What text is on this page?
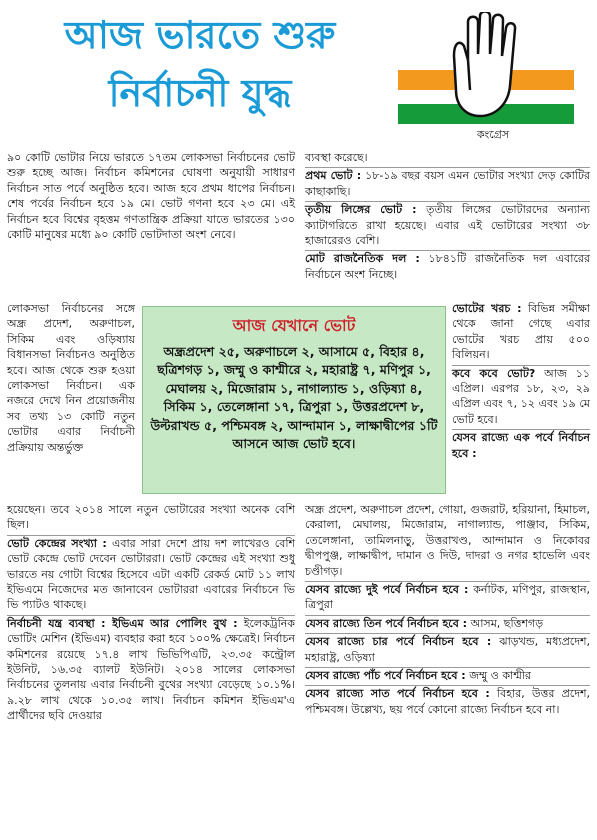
আজ ভারতে শুরু
নির্বাচনী যুদ্ধ
কংগ্রেস

৯০ কোটি ভোটার নিয়ে ভারতে ১৭তম লোকসভা নির্বাচনের ভোট শুরু হচ্ছে আজ। নির্বাচন কমিশনের ঘোষণা অনুযায়ী সাধারণ নির্বাচন সাত পর্বে অনুষ্ঠিত হবে। আজ হবে প্রথম ধাপের নির্বাচন। শেষ পর্বের নির্বাচন হবে ১৯ মে। ভোট গণনা হবে ২৩ মে। এই নির্বাচন হবে বিশ্বের বৃহত্তম গণতান্ত্রিক প্রক্রিয়া যাতে ভারতের ১৩০ কোটি মানুষের মধ্যে ৯০ কোটি ভোটদাতা অংশ নেবে।

লোকসভা নির্বাচনের সঙ্গে অন্ধ্র প্রদেশ, অরুণাচল, সিকিম এবং ওড়িষ্যায় বিধানসভা নির্বাচনও অনুষ্ঠিত হবে। আজ থেকে শুরু হওয়া লোকসভা নির্বাচন। এক নজরে দেখে নিন প্রয়োজনীয় সব তথ্য ১৩ কোটি নতুন ভোটার এবার নির্বাচনী প্রক্রিয়ায় অন্তর্ভুক্ত

হয়েছেন। তবে ২০১৪ সালে নতুন ভোটারের সংখ্যা অনেক বেশি ছিল।

ভোট কেন্দ্রের সংখ্যা : এবার সারা দেশে প্রায় দশ লাখেরও বেশি ভোট কেন্দ্রে ভোট দেবেন ভোটাররা। ভোট কেন্দ্রের এই সংখ্যা শুধু ভারতে নয় গোটা বিশ্বের হিসেবে এটা একটি রেকর্ড মোট ১১ লাখ ইভিএমে নিজেদের মত জানাবেন ভোটাররা এবারের নির্বাচনে ভি ভি প্যাটও থাকছে।

নির্বাচনী যন্ত্র ব্যবস্থা : ইভিএম আর পোলিং বুথ : ইলেকট্রনিক ভোটিং মেশিন (ইভিএম) ব্যবহার করা হবে ১০০% ক্ষেত্রেই। নির্বাচন কমিশনের রয়েছে ১৭.৪ লাখ ভিভিপিএটি, ২৩.৩৫ কন্ট্রোল ইউনিট, ১৬.৩৫ ব্যালট ইউনিট। ২০১৪ সালের লোকসভা নির্বাচনের তুলনায় এবার নির্বাচনী বুথের সংখ্যা বেড়েছে ১০.১%। ৯.২৮ লাখ থেকে ১০.৩৫ লাখ। নির্বাচন কমিশন ইভিএম'এ প্রার্থীদের ছবি দেওয়ার

ব্যবস্থা করেছে।

প্রথম ভোট : ১৮-১৯ বছর বয়স এমন ভোটার সংখ্যা দেড় কোটির কাছাকাছি।

তৃতীয় লিঙ্গের ভোট : তৃতীয় লিঙ্গের ভোটারদের অন্যান্য ক্যাটাগরিতে রাখা হয়েছে। এবার এই ভোটারের সংখ্যা ৩৮ হাজারেরও বেশি।

মোট রাজনৈতিক দল : ১৮৪১টি রাজনৈতিক দল এবারের নির্বাচনে অংশ নিচ্ছে।

আজ যেখানে ভোট
অন্ধ্রপ্রদেশ ২৫, অরুণাচলে ২, আসামে ৫, বিহার ৪, ছত্রিশগড় ১, জম্মু ও কাশ্মীরে ২, মহারাষ্ট্র ৭, মণিপুর ১, মেঘালয় ২, মিজোরাম ১, নাগাল্যান্ড ১, ওড়িষ্যা ৪, সিকিম ১, তেলেঙ্গানা ১৭, ত্রিপুরা ১, উত্তরপ্রদেশ ৮, উল্টরাখন্ড ৫, পশ্চিমবঙ্গ ২, আন্দামান ১, লাক্ষাদ্বীপের ১টি আসনে আজ ভোট হবে।

ভোটের খরচ : বিভিন্ন সমীক্ষা থেকে জানা গেছে এবার ভোটের খরচ প্রায় ৫০০ বিলিয়ন।

কবে কবে ভোট? আজ ১১ এপ্রিল। এরপর ১৮, ২৩, ২৯ এপ্রিল এবং ৭, ১২ এবং ১৯ মে ভোট হবে।

যেসব রাজ্যে এক পর্বে নির্বাচন হবে :

অন্ধ্র প্রদেশ, অরুণাচল প্রদেশ, গোয়া, গুজরাট, হরিয়ানা, হিমাচল, কেরালা, মেঘালয়, মিজোরাম, নাগাল্যান্ড, পাঞ্জাব, সিকিম, তেলেঙ্গানা, তামিলনাড়ু, উত্তরাখণ্ড, আন্দামান ও নিকোবর দ্বীপপুঞ্জ, লাক্ষাদ্বীপ, দামান ও দিউ, দাদরা ও নগর হাভেলি এবং চণ্ডীগড়।

যেসব রাজ্যে দুই পর্বে নির্বাচন হবে : কর্নাটক, মণিপুর, রাজস্থান, ত্রিপুরা

যেসব রাজ্যে তিন পর্বে নির্বাচন হবে : আসম, ছত্তিশগড়

যেসব রাজ্যে চার পর্বে নির্বাচন হবে : ঝাড়খন্ড, মধ্যপ্রদেশ, মহারাষ্ট্র, ওড়িষ্যা

যেসব রাজ্যে পাঁচ পর্বে নির্বাচন হবে : জম্মু ও কাশ্মীর

যেসব রাজ্যে সাত পর্বে নির্বাচন হবে : বিহার, উত্তর প্রদেশ, পশ্চিমবঙ্গ। উল্লেখ্য, ছয় পর্বে কোনো রাজ্যে নির্বাচন হবে না।
